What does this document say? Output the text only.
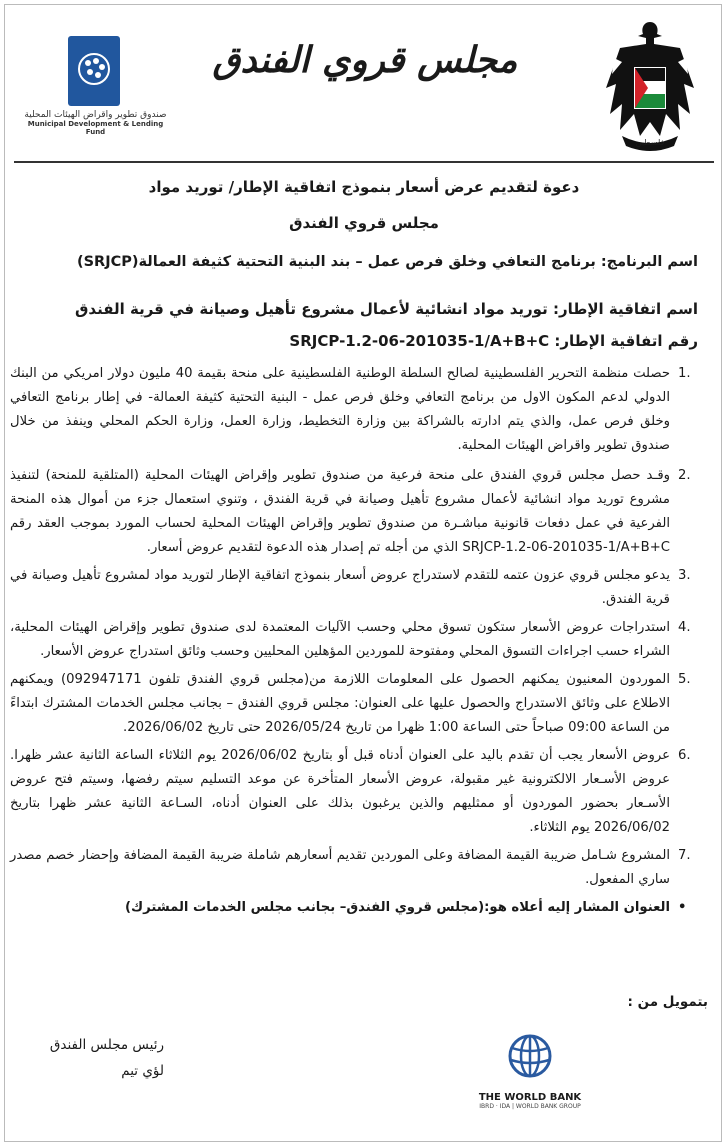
فلسطين
مجلس قروي الفندق
صندوق تطوير واقراض الهيئات المحلية
Municipal Development & Lending Fund
دعوة لتقديم عرض أسعار بنموذج اتفاقية الإطار/ توريد مواد
مجلس قروي الفندق
اسم البرنامج: برنامج التعافي وخلق فرص عمل – بند البنية التحتية كثيفة العمالة(SRJCP)
اسم اتفاقية الإطار: توريد مواد انشائية لأعمال مشروع تأهيل وصيانة في قرية الفندق
رقم اتفاقية الإطار: SRJCP-1.2-06-201035-1/A+B+C
.1
حصلت منظمة التحرير الفلسطينية لصالح السلطة الوطنية الفلسطينية على منحة بقيمة 40 مليون دولار امريكي من البنك الدولي لدعم المكون الاول من برنامج التعافي وخلق فرص عمل - البنية التحتية كثيفة العمالة- في إطار برنامج التعافي وخلق فرص عمل، والذي يتم ادارته بالشراكة بين وزارة التخطيط، وزارة العمل، وزارة الحكم المحلي وينفذ من خلال صندوق تطوير واقراض الهيئات المحلية.
.2
وقـد حصل مجلس قروي الفندق على منحة فرعية من صندوق تطوير وإقراض الهيئات المحلية (المتلقية للمنحة) لتنفيذ مشروع توريد مواد انشائية لأعمال مشروع تأهيل وصيانة في قرية الفندق ، وتنوي استعمال جزء من أموال هذه المنحة الفرعية في عمل دفعات قانونية مباشـرة من صندوق تطوير وإقراض الهيئات المحلية لحساب المورد بموجب العقد رقم SRJCP-1.2-06-201035-1/A+B+C الذي من أجله تم إصدار هذه الدعوة لتقديم عروض أسعار.
.3
يدعو مجلس قروي عزون عتمه للتقدم لاستدراج عروض أسعار بنموذج اتفاقية الإطار لتوريد مواد لمشروع تأهيل وصيانة في قرية الفندق.
.4
استدراجات عروض الأسعار ستكون تسوق محلي وحسب الآليات المعتمدة لدى صندوق تطوير وإقراض الهيئات المحلية، الشراء حسب اجراءات التسوق المحلي ومفتوحة للموردين المؤهلين المحليين وحسب وثائق استدراج عروض الأسعار.
.5
الموردون المعنيون يمكنهم الحصول على المعلومات اللازمة من(مجلس قروي الفندق تلفون 092947171) ويمكنهم الاطلاع على وثائق الاستدراج والحصول عليها على العنوان: مجلس قروي الفندق – بجانب مجلس الخدمات المشترك ابتداءً من الساعة 09:00 صباحاً حتى الساعة 1:00 ظهرا من تاريخ 2026/05/24 حتى تاريخ 2026/06/02.
.6
عروض الأسعار يجب أن تقدم باليد على العنوان أدناه قبل أو بتاريخ 2026/06/02 يوم الثلاثاء الساعة الثانية عشر ظهرا. عروض الأسـعار الالكترونية غير مقبولة، عروض الأسعار المتأخرة عن موعد التسليم سيتم رفضها، وسيتم فتح عروض الأسـعار بحضور الموردون أو ممثليهم والذين يرغبون بذلك على العنوان أدناه، السـاعة الثانية عشر ظهرا بتاريخ 2026/06/02 يوم الثلاثاء.
.7
المشروع شـامل ضريبة القيمة المضافة وعلى الموردين تقديم أسعارهم شاملة ضريبة القيمة المضافة وإحضار خصم مصدر ساري المفعول.
•
العنوان المشار إليه أعلاه هو:(مجلس قروي الفندق– بجانب مجلس الخدمات المشترك)
بتمويل من :
رئيس مجلس الفندق
لؤي تيم
THE WORLD BANK
IBRD · IDA | WORLD BANK GROUP
